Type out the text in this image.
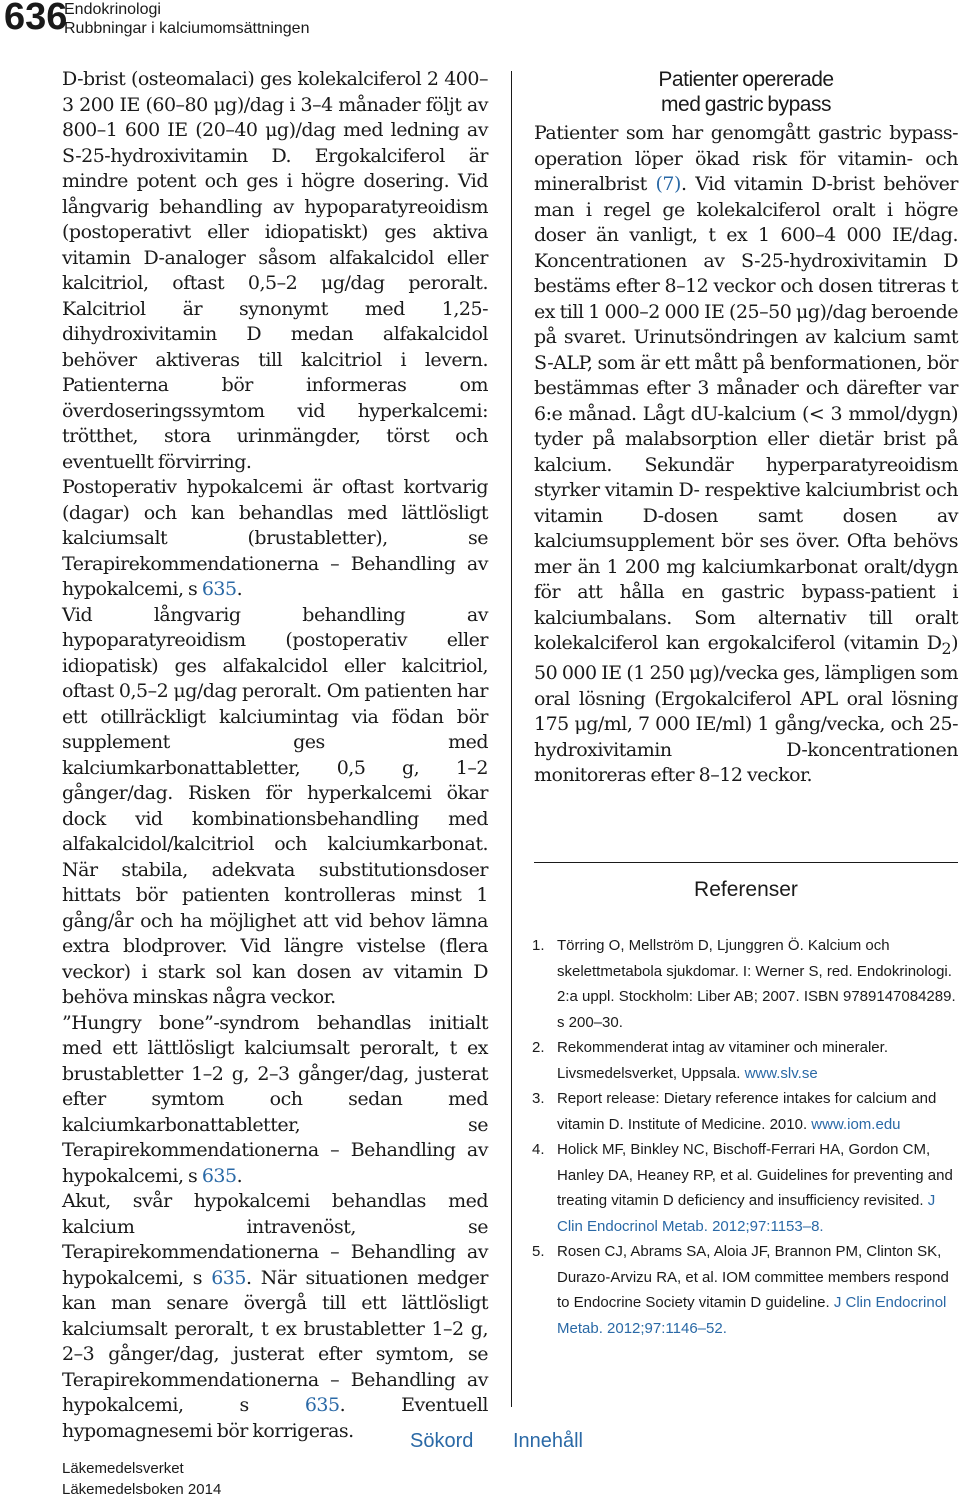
636
Endokrinologi
Rubbningar i kalciumomsättningen

D-brist (osteomalaci) ges kolekalciferol 2 400–3 200 IE (60–80 μg)/dag i 3–4 månader följt av 800–1 600 IE (20–40 μg)/dag med ledning av S-25-hydroxivitamin D. Ergokalciferol är mindre potent och ges i högre dosering. Vid långvarig behandling av hypoparatyreoidism (postoperativt eller idiopatiskt) ges aktiva vitamin D-analoger såsom alfakalcidol eller kalcitriol, oftast 0,5–2 μg/dag peroralt. Kalcitriol är synonymt med 1,25-dihydroxivitamin D medan alfakalcidol behöver aktiveras till kalcitriol i levern. Patienterna bör informeras om överdoseringssymtom vid hyperkalcemi: trötthet, stora urinmängder, törst och eventuellt förvirring.

Postoperativ hypokalcemi är oftast kortvarig (dagar) och kan behandlas med lättlösligt kalciumsalt (brustabletter), se Terapirekommendationerna – Behandling av hypokalcemi, s 635.

Vid långvarig behandling av hypoparatyreoidism (postoperativ eller idiopatisk) ges alfakalcidol eller kalcitriol, oftast 0,5–2 μg/dag peroralt. Om patienten har ett otillräckligt kalciumintag via födan bör supplement ges med kalciumkarbonattabletter, 0,5 g, 1–2 gånger/dag. Risken för hyperkalcemi ökar dock vid kombinationsbehandling med alfakalcidol/kalcitriol och kalciumkarbonat. När stabila, adekvata substitutionsdoser hittats bör patienten kontrolleras minst 1 gång/år och ha möjlighet att vid behov lämna extra blodprover. Vid längre vistelse (flera veckor) i stark sol kan dosen av vitamin D behöva minskas några veckor.

”Hungry bone”-syndrom behandlas initialt med ett lättlösligt kalciumsalt peroralt, t ex brustabletter 1–2 g, 2–3 gånger/dag, justerat efter symtom och sedan med kalciumkarbonattabletter, se Terapirekommendationerna – Behandling av hypokalcemi, s 635.

Akut, svår hypokalcemi behandlas med kalcium intravenöst, se Terapirekommendationerna – Behandling av hypokalcemi, s 635. När situationen medger kan man senare övergå till ett lättlösligt kalciumsalt peroralt, t ex brustabletter 1–2 g, 2–3 gånger/dag, justerat efter symtom, se Terapirekommendationerna – Behandling av hypokalcemi, s 635. Eventuell hypomagnesemi bör korrigeras.

Patienter opererade
med gastric bypass

Patienter som har genomgått gastric bypass-operation löper ökad risk för vitamin- och mineralbrist (7). Vid vitamin D-brist behöver man i regel ge kolekalciferol oralt i högre doser än vanligt, t ex 1 600–4 000 IE/dag. Koncentrationen av S-25-hydroxivitamin D bestäms efter 8–12 veckor och dosen titreras t ex till 1 000–2 000 IE (25–50 μg)/dag beroende på svaret. Urinutsöndringen av kalcium samt S-ALP, som är ett mått på benformationen, bör bestämmas efter 3 månader och därefter var 6:e månad. Lågt dU-kalcium (< 3 mmol/dygn) tyder på malabsorption eller dietär brist på kalcium. Sekundär hyperparatyreoidism styrker vitamin D- respektive kalciumbrist och vitamin D-dosen samt dosen av kalciumsupplement bör ses över. Ofta behövs mer än 1 200 mg kalciumkarbonat oralt/dygn för att hålla en gastric bypass-patient i kalciumbalans. Som alternativ till oralt kolekalciferol kan ergokalciferol (vitamin $D_2$) 50 000 IE (1 250 μg)/vecka ges, lämpligen som oral lösning (Ergokalciferol APL oral lösning 175 μg/ml, 7 000 IE/ml) 1 gång/vecka, och 25-hydroxivitamin D-koncentrationen monitoreras efter 8–12 veckor.

Referenser
1. Törring O, Mellström D, Ljunggren Ö. Kalcium och skelettmetabola sjukdomar. I: Werner S, red. Endokrinologi. 2:a uppl. Stockholm: Liber AB; 2007. ISBN 9789147084289. s 200–30.
2. Rekommenderat intag av vitaminer och mineraler. Livsmedelsverket, Uppsala. www.slv.se
3. Report release: Dietary reference intakes for calcium and vitamin D. Institute of Medicine. 2010. www.iom.edu
4. Holick MF, Binkley NC, Bischoff-Ferrari HA, Gordon CM, Hanley DA, Heaney RP, et al. Guidelines for preventing and treating vitamin D deficiency and insufficiency revisited. J Clin Endocrinol Metab. 2012;97:1153–8.
5. Rosen CJ, Abrams SA, Aloia JF, Brannon PM, Clinton SK, Durazo-Arvizu RA, et al. IOM committee members respond to Endocrine Society vitamin D guideline. J Clin Endocrinol Metab. 2012;97:1146–52.
Sökord Innehåll
Läkemedelsverket
Läkemedelsboken 2014
